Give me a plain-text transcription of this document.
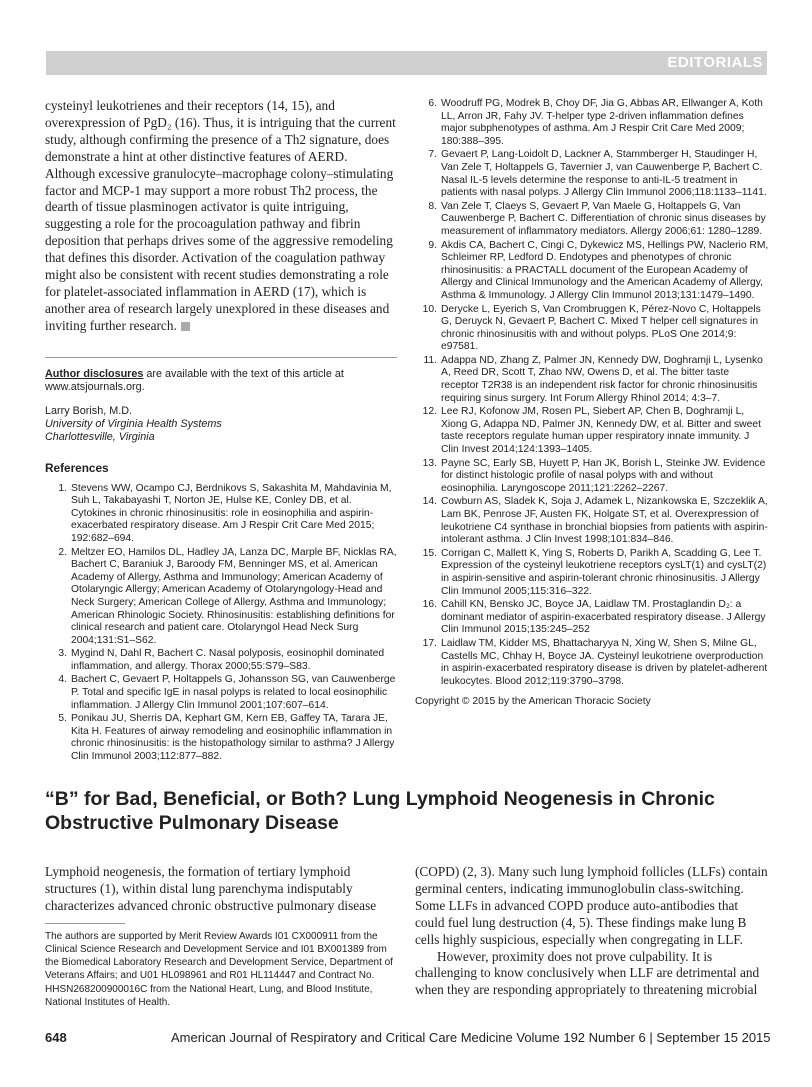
EDITORIALS

cysteinyl leukotrienes and their receptors (14, 15), and overexpression of PgD₂ (16). Thus, it is intriguing that the current study, although confirming the presence of a Th2 signature, does demonstrate a hint at other distinctive features of AERD. Although excessive granulocyte–macrophage colony–stimulating factor and MCP-1 may support a more robust Th2 process, the dearth of tissue plasminogen activator is quite intriguing, suggesting a role for the procoagulation pathway and fibrin deposition that perhaps drives some of the aggressive remodeling that defines this disorder. Activation of the coagulation pathway might also be consistent with recent studies demonstrating a role for platelet-associated inflammation in AERD (17), which is another area of research largely unexplored in these diseases and inviting further research.

Author disclosures are available with the text of this article at www.atsjournals.org.

Larry Borish, M.D.
University of Virginia Health Systems
Charlottesville, Virginia
References
1. Stevens WW, Ocampo CJ, Berdnikovs S, Sakashita M, Mahdavinia M, Suh L, Takabayashi T, Norton JE, Hulse KE, Conley DB, et al. Cytokines in chronic rhinosinusitis: role in eosinophilia and aspirin-exacerbated respiratory disease. Am J Respir Crit Care Med 2015; 192:682–694.
2. Meltzer EO, Hamilos DL, Hadley JA, Lanza DC, Marple BF, Nicklas RA, Bachert C, Baraniuk J, Baroody FM, Benninger MS, et al. American Academy of Allergy, Asthma and Immunology; American Academy of Otolaryngic Allergy; American Academy of Otolaryngology-Head and Neck Surgery; American College of Allergy, Asthma and Immunology; American Rhinologic Society. Rhinosinusitis: establishing definitions for clinical research and patient care. Otolaryngol Head Neck Surg 2004;131:S1–S62.
3. Mygind N, Dahl R, Bachert C. Nasal polyposis, eosinophil dominated inflammation, and allergy. Thorax 2000;55:S79–S83.
4. Bachert C, Gevaert P, Holtappels G, Johansson SG, van Cauwenberge P. Total and specific IgE in nasal polyps is related to local eosinophilic inflammation. J Allergy Clin Immunol 2001;107:607–614.
5. Ponikau JU, Sherris DA, Kephart GM, Kern EB, Gaffey TA, Tarara JE, Kita H. Features of airway remodeling and eosinophilic inflammation in chronic rhinosinusitis: is the histopathology similar to asthma? J Allergy Clin Immunol 2003;112:877–882.
6. Woodruff PG, Modrek B, Choy DF, Jia G, Abbas AR, Ellwanger A, Koth LL, Arron JR, Fahy JV. T-helper type 2-driven inflammation defines major subphenotypes of asthma. Am J Respir Crit Care Med 2009; 180:388–395.
7. Gevaert P, Lang-Loidolt D, Lackner A, Stammberger H, Staudinger H, Van Zele T, Holtappels G, Tavernier J, van Cauwenberge P, Bachert C. Nasal IL-5 levels determine the response to anti-IL-5 treatment in patients with nasal polyps. J Allergy Clin Immunol 2006;118:1133–1141.
8. Van Zele T, Claeys S, Gevaert P, Van Maele G, Holtappels G, Van Cauwenberge P, Bachert C. Differentiation of chronic sinus diseases by measurement of inflammatory mediators. Allergy 2006;61: 1280–1289.
9. Akdis CA, Bachert C, Cingi C, Dykewicz MS, Hellings PW, Naclerio RM, Schleimer RP, Ledford D. Endotypes and phenotypes of chronic rhinosinusitis: a PRACTALL document of the European Academy of Allergy and Clinical Immunology and the American Academy of Allergy, Asthma & Immunology. J Allergy Clin Immunol 2013;131:1479–1490.
10. Derycke L, Eyerich S, Van Crombruggen K, Pérez-Novo C, Holtappels G, Deruyck N, Gevaert P, Bachert C. Mixed T helper cell signatures in chronic rhinosinusitis with and without polyps. PLoS One 2014;9: e97581.
11. Adappa ND, Zhang Z, Palmer JN, Kennedy DW, Doghramji L, Lysenko A, Reed DR, Scott T, Zhao NW, Owens D, et al. The bitter taste receptor T2R38 is an independent risk factor for chronic rhinosinusitis requiring sinus surgery. Int Forum Allergy Rhinol 2014; 4:3–7.
12. Lee RJ, Kofonow JM, Rosen PL, Siebert AP, Chen B, Doghramji L, Xiong G, Adappa ND, Palmer JN, Kennedy DW, et al. Bitter and sweet taste receptors regulate human upper respiratory innate immunity. J Clin Invest 2014;124:1393–1405.
13. Payne SC, Early SB, Huyett P, Han JK, Borish L, Steinke JW. Evidence for distinct histologic profile of nasal polyps with and without eosinophilia. Laryngoscope 2011;121:2262–2267.
14. Cowburn AS, Sladek K, Soja J, Adamek L, Nizankowska E, Szczeklik A, Lam BK, Penrose JF, Austen FK, Holgate ST, et al. Overexpression of leukotriene C4 synthase in bronchial biopsies from patients with aspirin-intolerant asthma. J Clin Invest 1998;101:834–846.
15. Corrigan C, Mallett K, Ying S, Roberts D, Parikh A, Scadding G, Lee T. Expression of the cysteinyl leukotriene receptors cysLT(1) and cysLT(2) in aspirin-sensitive and aspirin-tolerant chronic rhinosinusitis. J Allergy Clin Immunol 2005;115:316–322.
16. Cahill KN, Bensko JC, Boyce JA, Laidlaw TM. Prostaglandin D₂: a dominant mediator of aspirin-exacerbated respiratory disease. J Allergy Clin Immunol 2015;135:245–252
17. Laidlaw TM, Kidder MS, Bhattacharyya N, Xing W, Shen S, Milne GL, Castells MC, Chhay H, Boyce JA. Cysteinyl leukotriene overproduction in aspirin-exacerbated respiratory disease is driven by platelet-adherent leukocytes. Blood 2012;119:3790–3798.
Copyright © 2015 by the American Thoracic Society
“B” for Bad, Beneficial, or Both? Lung Lymphoid Neogenesis in Chronic Obstructive Pulmonary Disease

Lymphoid neogenesis, the formation of tertiary lymphoid structures (1), within distal lung parenchyma indisputably characterizes advanced chronic obstructive pulmonary disease

The authors are supported by Merit Review Awards I01 CX000911 from the Clinical Science Research and Development Service and I01 BX001389 from the Biomedical Laboratory Research and Development Service, Department of Veterans Affairs; and U01 HL098961 and R01 HL114447 and Contract No. HHSN268200900016C from the National Heart, Lung, and Blood Institute, National Institutes of Health.

(COPD) (2, 3). Many such lung lymphoid follicles (LLFs) contain germinal centers, indicating immunoglobulin class-switching. Some LLFs in advanced COPD produce auto-antibodies that could fuel lung destruction (4, 5). These findings make lung B cells highly suspicious, especially when congregating in LLF.

However, proximity does not prove culpability. It is challenging to know conclusively when LLF are detrimental and when they are responding appropriately to threatening microbial

648	American Journal of Respiratory and Critical Care Medicine Volume 192 Number 6 | September 15 2015
